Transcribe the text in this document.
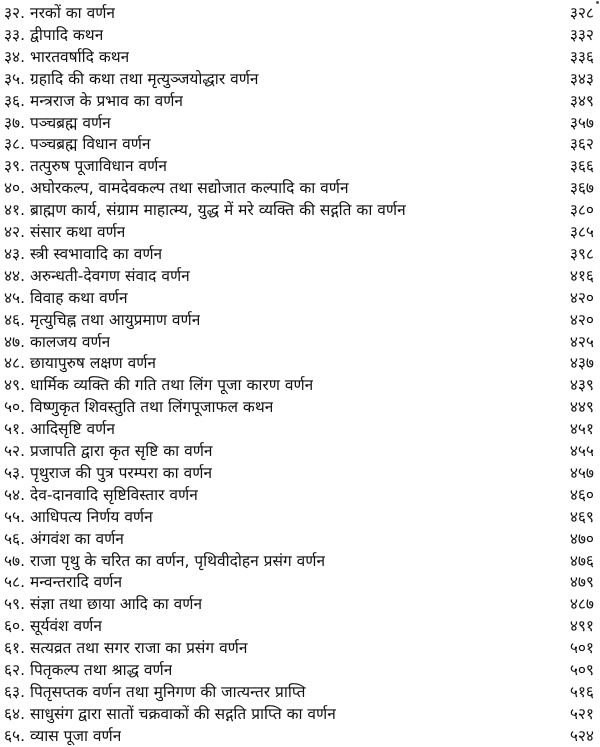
३२. नरकों का वर्णन	३२८
३३. द्वीपादि कथन	३३२
३४. भारतवर्षादि कथन	३३६
३५. ग्रहादि की कथा तथा मृत्युञ्जयोद्धार वर्णन	३४३
३६. मन्त्रराज के प्रभाव का वर्णन	३४९
३७. पञ्चब्रह्म वर्णन	३५७
३८. पञ्चब्रह्म विधान वर्णन	३६२
३९. तत्पुरुष पूजाविधान वर्णन	३६६
४०. अघोरकल्प, वामदेवकल्प तथा सद्योजात कल्पादि का वर्णन	३६७
४१. ब्राह्मण कार्य, संग्राम माहात्म्य, युद्ध में मरे व्यक्ति की सद्गति का वर्णन	३८०
४२. संसार कथा वर्णन	३८५
४३. स्त्री स्वभावादि का वर्णन	३९८
४४. अरुन्धती-देवगण संवाद वर्णन	४१६
४५. विवाह कथा वर्णन	४२०
४६. मृत्युचिह्न तथा आयुप्रमाण वर्णन	४२०
४७. कालजय वर्णन	४२५
४८. छायापुरुष लक्षण वर्णन	४३७
४९. धार्मिक व्यक्ति की गति तथा लिंग पूजा कारण वर्णन	४३९
५०. विष्णुकृत शिवस्तुति तथा लिंगपूजाफल कथन	४४९
५१. आदिसृष्टि वर्णन	४५१
५२. प्रजापति द्वारा कृत सृष्टि का वर्णन	४५५
५३. पृथुराज की पुत्र परम्परा का वर्णन	४५७
५४. देव-दानवादि सृष्टिविस्तार वर्णन	४६०
५५. आधिपत्य निर्णय वर्णन	४६९
५६. अंगवंश का वर्णन	४७०
५७. राजा पृथु के चरित का वर्णन, पृथिवीदोहन प्रसंग वर्णन	४७६
५८. मन्वन्तरादि वर्णन	४७९
५९. संज्ञा तथा छाया आदि का वर्णन	४८७
६०. सूर्यवंश वर्णन	४९१
६१. सत्यव्रत तथा सगर राजा का प्रसंग वर्णन	५०१
६२. पितृकल्प तथा श्राद्ध वर्णन	५०९
६३. पितृसप्तक वर्णन तथा मुनिगण की जात्यन्तर प्राप्ति	५१६
६४. साधुसंग द्वारा सातों चक्रवाकों की सद्गति प्राप्ति का वर्णन	५२१
६५. व्यास पूजा वर्णन	५२४
